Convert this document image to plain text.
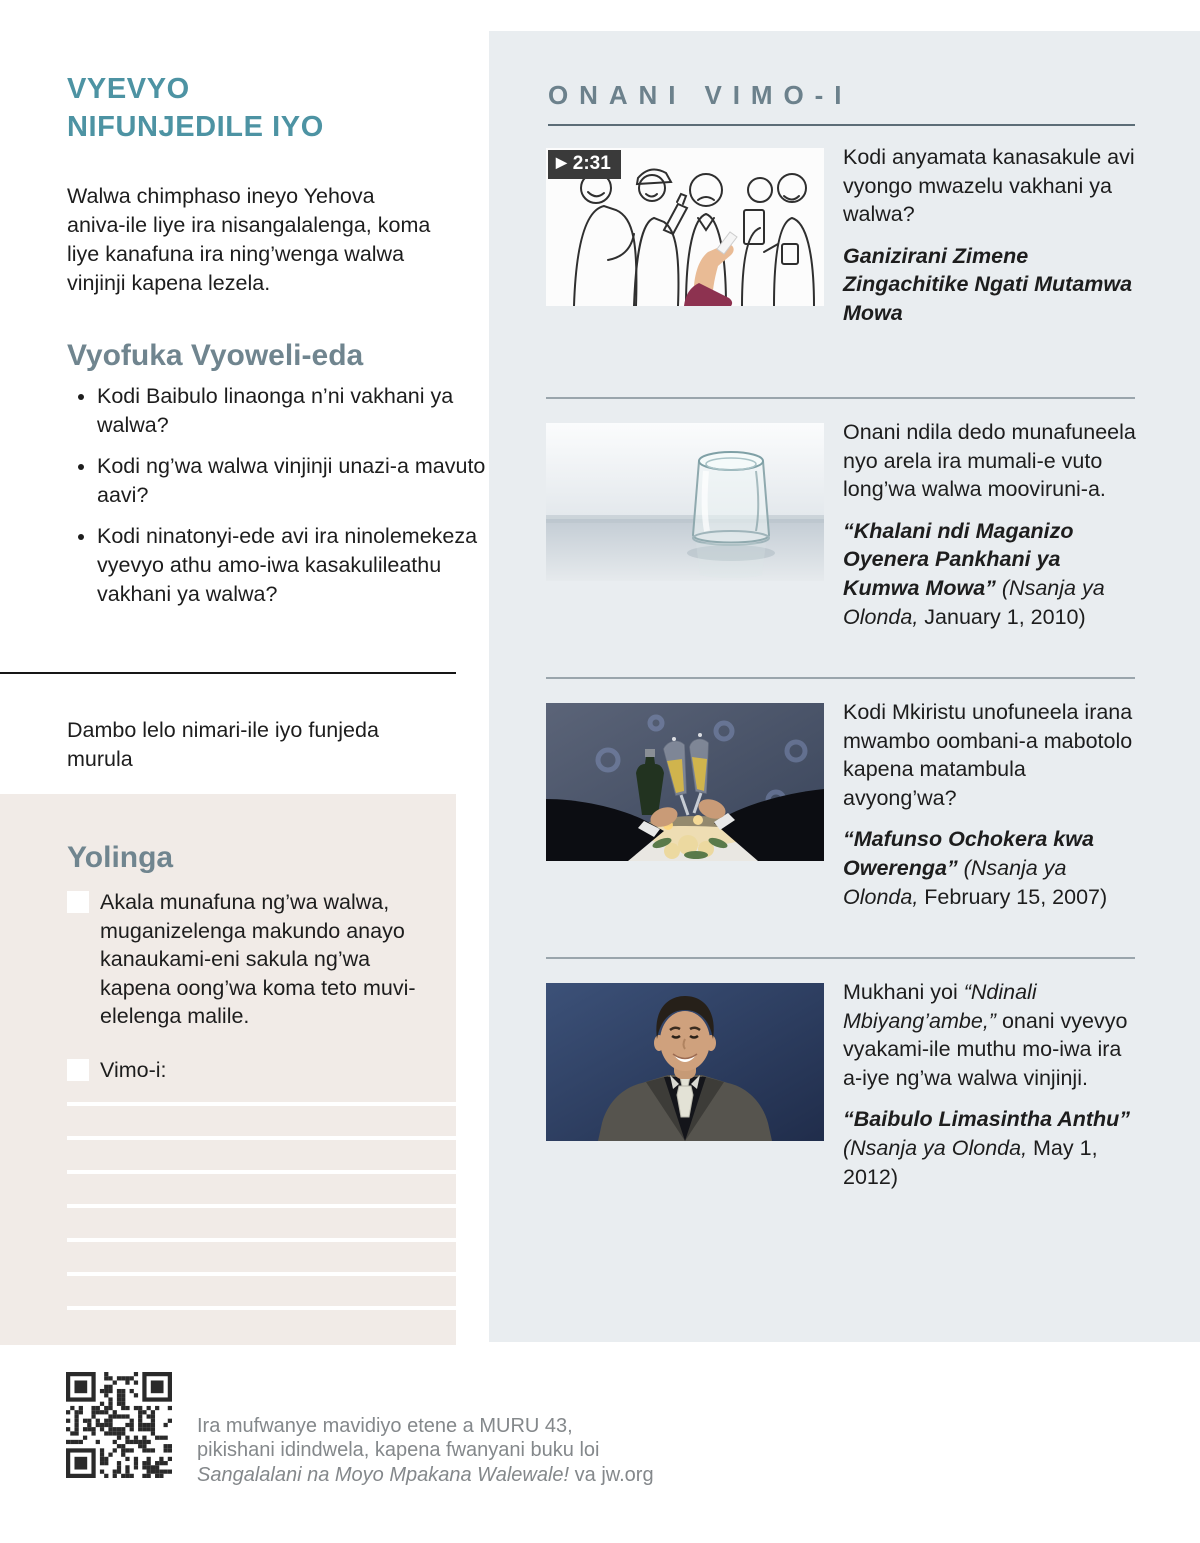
VYEVYO NIFUNJEDILE IYO

Walwa chimphaso ineyo Yehova aniva-ile liye ira nisangalalenga, koma liye kanafuna ira ning’wenga walwa vinjinji kapena lezela.

Vyofuka Vyoweli-eda
• Kodi Baibulo linaonga n’ni vakhani ya walwa?
• Kodi ng’wa walwa vinjinji unazi-a mavuto aavi?
• Kodi ninatonyi-ede avi ira ninolemekeza vyevyo athu amo-iwa kasakulileathu vakhani ya walwa?

Dambo lelo nimari-ile iyo funjeda murula

Yolinga
Akala munafuna ng’wa walwa, muganizelenga makundo anayo kanaukami-eni sakula ng’wa kapena oong’wa koma teto muvi-elelenga malile.
Vimo-i:
ONANI VIMO-I
▶ 2:31	Kodi anyamata kanasakule avi vyongo mwazelu vakhani ya walwa?

Ganizirani Zimene Zingachitike Ngati Mutamwa Mowa

Onani ndila dedo munafuneela nyo arela ira mumali-e vuto long’wa walwa mooviruni-a.

“Khalani ndi Maganizo Oyenera Pankhani ya Kumwa Mowa” (Nsanja ya Olonda, January 1, 2010)

Kodi Mkiristu unofuneela irana mwambo oombani-a mabotolo kapena matambula avyong’wa?

“Mafunso Ochokera kwa Owerenga” (Nsanja ya Olonda, February 15, 2007)

Mukhani yoi “Ndinali Mbiyang’ambe,” onani vyevyo vyakami-ile muthu mo-iwa ira a-iye ng’wa walwa vinjinji.

“Baibulo Limasintha Anthu” (Nsanja ya Olonda, May 1, 2012)

Ira mufwanye mavidiyo etene a MURU 43,
pikishani idindwela, kapena fwanyani buku loi
Sangalalani na Moyo Mpakana Walewale! va jw.org
